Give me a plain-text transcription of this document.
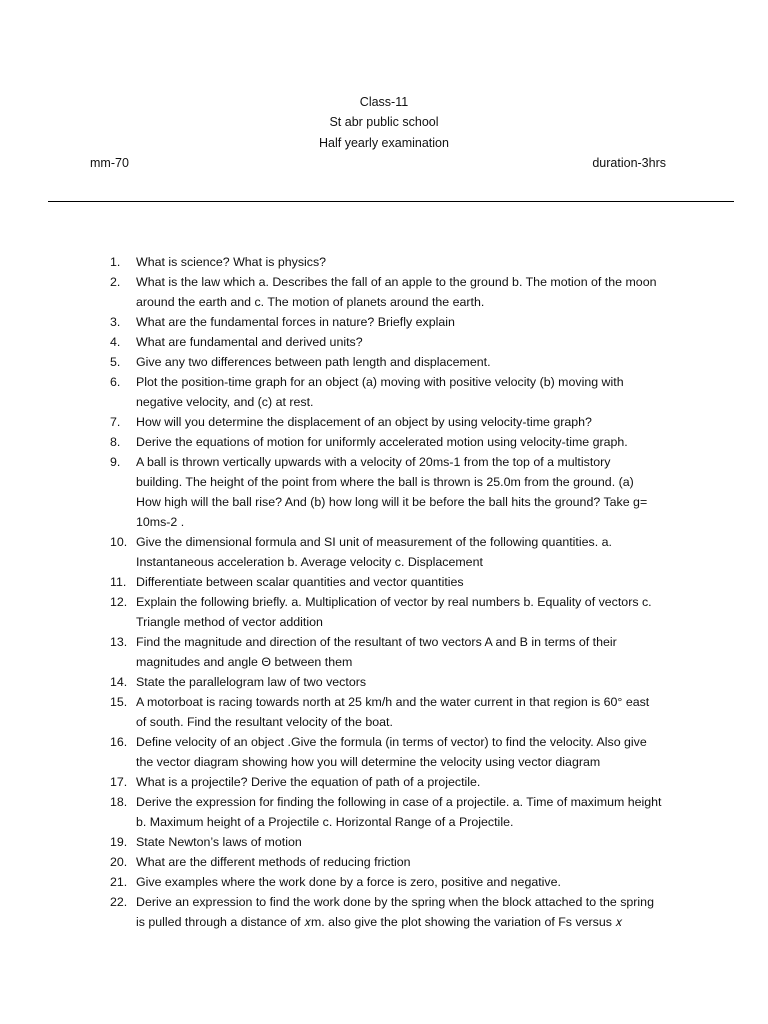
Class-11
St abr public school
Half yearly examination
mm-70	duration-3hrs
1.	What is science? What is physics?
2.	What is the law which a. Describes the fall of an apple to the ground b. The motion of the moon
around the earth and c. The motion of planets around the earth.
3.	What are the fundamental forces in nature? Briefly explain
4.	What are fundamental and derived units?
5.	Give any two differences between path length and displacement.
6.	Plot the position-time graph for an object (a) moving with positive velocity (b) moving with
negative velocity, and (c) at rest.
7.	How will you determine the displacement of an object by using velocity-time graph?
8.	Derive the equations of motion for uniformly accelerated motion using velocity-time graph.
9.	A ball is thrown vertically upwards with a velocity of 20ms-1 from the top of a multistory
building. The height of the point from where the ball is thrown is 25.0m from the ground. (a)
How high will the ball rise? And (b) how long will it be before the ball hits the ground? Take g=
10ms-2 .
10. Give the dimensional formula and SI unit of measurement of the following quantities. a.
Instantaneous acceleration b. Average velocity c. Displacement
11. Differentiate between scalar quantities and vector quantities
12. Explain the following briefly. a. Multiplication of vector by real numbers b. Equality of vectors c.
Triangle method of vector addition
13. Find the magnitude and direction of the resultant of two vectors A and B in terms of their
magnitudes and angle Θ between them
14. State the parallelogram law of two vectors
15. A motorboat is racing towards north at 25 km/h and the water current in that region is 60° east
of south. Find the resultant velocity of the boat.
16. Define velocity of an object .Give the formula (in terms of vector) to find the velocity. Also give
the vector diagram showing how you will determine the velocity using vector diagram
17. What is a projectile? Derive the equation of path of a projectile.
18. Derive the expression for finding the following in case of a projectile. a. Time of maximum height
b. Maximum height of a Projectile c. Horizontal Range of a Projectile.
19. State Newton’s laws of motion
20. What are the different methods of reducing friction
21. Give examples where the work done by a force is zero, positive and negative.
22. Derive an expression to find the work done by the spring when the block attached to the spring
is pulled through a distance of 𝑥m. also give the plot showing the variation of Fs versus 𝑥
